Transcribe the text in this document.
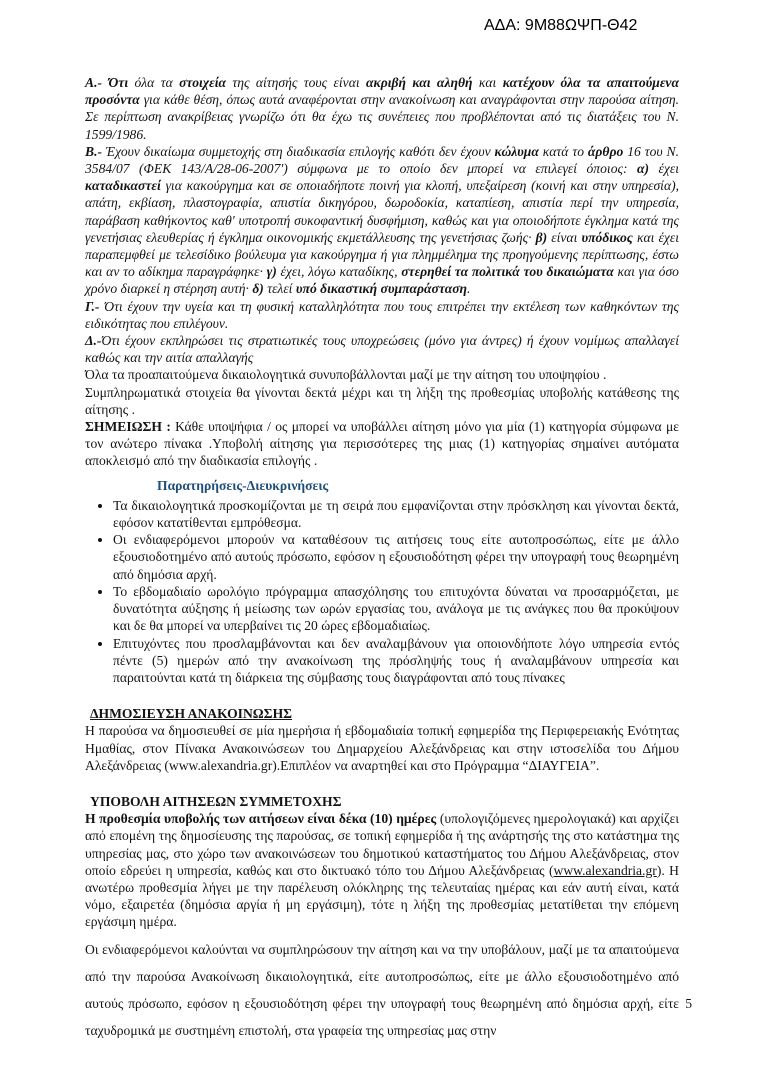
ΑΔΑ: 9Μ88ΩΨΠ-Θ42

Α.- Ότι όλα τα στοιχεία της αίτησής τους είναι ακριβή και αληθή και κατέχουν όλα τα απαιτούμενα προσόντα για κάθε θέση, όπως αυτά αναφέρονται στην ανακοίνωση και αναγράφονται στην παρούσα αίτηση. Σε περίπτωση ανακρίβειας γνωρίζω ότι θα έχω τις συνέπειες που προβλέπονται από τις διατάξεις του Ν. 1599/1986.

Β.- Έχουν δικαίωμα συμμετοχής στη διαδικασία επιλογής καθότι δεν έχουν κώλυμα κατά το άρθρο 16 του Ν. 3584/07 (ΦΕΚ 143/Α/28-06-2007') σύμφωνα με το οποίο δεν μπορεί να επιλεγεί όποιος: α) έχει καταδικαστεί για κακούργημα και σε οποιαδήποτε ποινή για κλοπή, υπεξαίρεση (κοινή και στην υπηρεσία), απάτη, εκβίαση, πλαστογραφία, απιστία δικηγόρου, δωροδοκία, καταπίεση, απιστία περί την υπηρεσία, παράβαση καθήκοντος καθ' υποτροπή συκοφαντική δυσφήμιση, καθώς και για οποιοδήποτε έγκλημα κατά της γενετήσιας ελευθερίας ή έγκλημα οικονομικής εκμετάλλευσης της γενετήσιας ζωής· β) είναι υπόδικος και έχει παραπεμφθεί με τελεσίδικο βούλευμα για κακούργημα ή για πλημμέλημα της προηγούμενης περίπτωσης, έστω και αν το αδίκημα παραγράφηκε· γ) έχει, λόγω καταδίκης, στερηθεί τα πολιτικά του δικαιώματα και για όσο χρόνο διαρκεί η στέρηση αυτή· δ) τελεί υπό δικαστική συμπαράσταση.

Γ.- Ότι έχουν την υγεία και τη φυσική καταλληλότητα που τους επιτρέπει την εκτέλεση των καθηκόντων της ειδικότητας που επιλέγουν.

Δ.-Ότι έχουν εκπληρώσει τις στρατιωτικές τους υποχρεώσεις (μόνο για άντρες) ή έχουν νομίμως απαλλαγεί καθώς και την αιτία απαλλαγής

Όλα τα προαπαιτούμενα δικαιολογητικά συνυποβάλλονται μαζί με την αίτηση του υποψηφίου .

Συμπληρωματικά στοιχεία θα γίνονται δεκτά μέχρι και τη λήξη της προθεσμίας υποβολής κατάθεσης της αίτησης .

ΣΗΜΕΙΩΣΗ : Κάθε υποψήφια / ος μπορεί να υποβάλλει αίτηση μόνο για μία (1) κατηγορία σύμφωνα με τον ανώτερο πίνακα .Υποβολή αίτησης για περισσότερες της μιας (1) κατηγορίας σημαίνει αυτόματα αποκλεισμό από την διαδικασία επιλογής .

Παρατηρήσεις-Διευκρινήσεις

• Τα δικαιολογητικά προσκομίζονται με τη σειρά που εμφανίζονται στην πρόσκληση και γίνονται δεκτά, εφόσον κατατίθενται εμπρόθεσμα.
• Οι ενδιαφερόμενοι μπορούν να καταθέσουν τις αιτήσεις τους είτε αυτοπροσώπως, είτε με άλλο εξουσιοδοτημένο από αυτούς πρόσωπο, εφόσον η εξουσιοδότηση φέρει την υπογραφή τους θεωρημένη από δημόσια αρχή.
• Το εβδομαδιαίο ωρολόγιο πρόγραμμα απασχόλησης του επιτυχόντα δύναται να προσαρμόζεται, με δυνατότητα αύξησης ή μείωσης των ωρών εργασίας του, ανάλογα με τις ανάγκες που θα προκύψουν και δε θα μπορεί να υπερβαίνει τις 20 ώρες εβδομαδιαίως.
• Επιτυχόντες που προσλαμβάνονται και δεν αναλαμβάνουν για οποιονδήποτε λόγο υπηρεσία εντός πέντε (5) ημερών από την ανακοίνωση της πρόσληψής τους ή αναλαμβάνουν υπηρεσία και παραιτούνται κατά τη διάρκεια της σύμβασης τους διαγράφονται από τους πίνακες

ΔΗΜΟΣΙΕΥΣΗ ΑΝΑΚΟΙΝΩΣΗΣ

Η παρούσα να δημοσιευθεί σε μία ημερήσια ή εβδομαδιαία τοπική εφημερίδα της Περιφερειακής Ενότητας Ημαθίας, στον Πίνακα Ανακοινώσεων του Δημαρχείου Αλεξάνδρειας και στην ιστοσελίδα του Δήμου Αλεξάνδρειας (www.alexandria.gr).Επιπλέον να αναρτηθεί και στο Πρόγραμμα “ΔΙΑΥΓΕΙΑ”.

ΥΠΟΒΟΛΗ ΑΙΤΗΣΕΩΝ ΣΥΜΜΕΤΟΧΗΣ

Η προθεσμία υποβολής των αιτήσεων είναι δέκα (10) ημέρες (υπολογιζόμενες ημερολογιακά) και αρχίζει από επομένη της δημοσίευσης της παρούσας, σε τοπική εφημερίδα ή της ανάρτησής της στο κατάστημα της υπηρεσίας μας, στο χώρο των ανακοινώσεων του δημοτικού καταστήματος του Δήμου Αλεξάνδρειας, στον οποίο εδρεύει η υπηρεσία, καθώς και στο δικτυακό τόπο του Δήμου Αλεξάνδρειας (www.alexandria.gr). Η ανωτέρω προθεσμία λήγει με την παρέλευση ολόκληρης της τελευταίας ημέρας και εάν αυτή είναι, κατά νόμο, εξαιρετέα (δημόσια αργία ή μη εργάσιμη), τότε η λήξη της προθεσμίας μετατίθεται την επόμενη εργάσιμη ημέρα.

Οι ενδιαφερόμενοι καλούνται να συμπληρώσουν την αίτηση και να την υποβάλουν, μαζί με τα απαιτούμενα από την παρούσα Ανακοίνωση δικαιολογητικά, είτε αυτοπροσώπως, είτε με άλλο εξουσιοδοτημένο από αυτούς πρόσωπο, εφόσον η εξουσιοδότηση φέρει την υπογραφή τους θεωρημένη από δημόσια αρχή, είτε ταχυδρομικά με συστημένη επιστολή, στα γραφεία της υπηρεσίας μας στην

5
